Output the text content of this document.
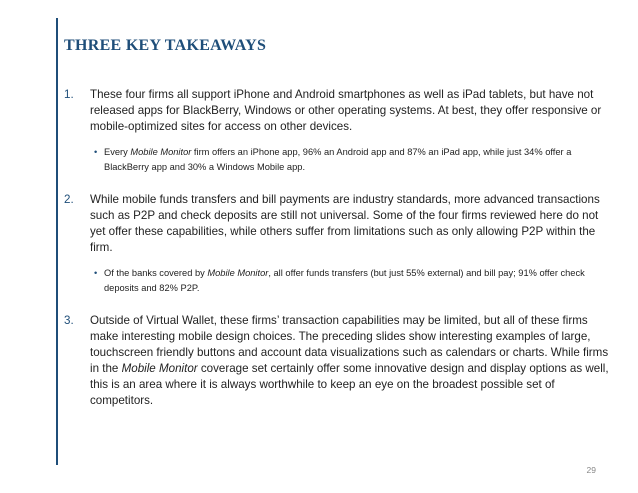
THREE KEY TAKEAWAYS
1. These four firms all support iPhone and Android smartphones as well as iPad tablets, but have not released apps for BlackBerry, Windows or other operating systems. At best, they offer responsive or mobile-optimized sites for access on other devices.
• Every Mobile Monitor firm offers an iPhone app, 96% an Android app and 87% an iPad app, while just 34% offer a BlackBerry app and 30% a Windows Mobile app.
2. While mobile funds transfers and bill payments are industry standards, more advanced transactions such as P2P and check deposits are still not universal. Some of the four firms reviewed here do not yet offer these capabilities, while others suffer from limitations such as only allowing P2P within the firm.
• Of the banks covered by Mobile Monitor, all offer funds transfers (but just 55% external) and bill pay; 91% offer check deposits and 82% P2P.
3. Outside of Virtual Wallet, these firms’ transaction capabilities may be limited, but all of these firms make interesting mobile design choices. The preceding slides show interesting examples of large, touchscreen friendly buttons and account data visualizations such as calendars or charts. While firms in the Mobile Monitor coverage set certainly offer some innovative design and display options as well, this is an area where it is always worthwhile to keep an eye on the broadest possible set of competitors.
29
